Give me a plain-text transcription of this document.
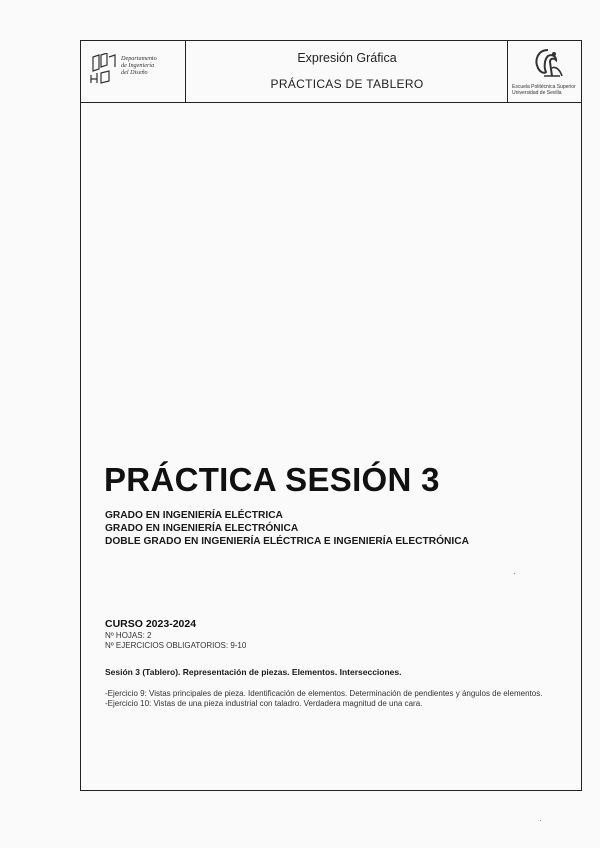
Departamento
de Ingeniería
del Diseño
Expresión Gráfica
PRÁCTICAS DE TABLERO	Escuela Politécnica Superior
Universidad de Sevilla
PRÁCTICA SESIÓN 3
GRADO EN INGENIERÍA ELÉCTRICA
GRADO EN INGENIERÍA ELECTRÓNICA
DOBLE GRADO EN INGENIERÍA ELÉCTRICA E INGENIERÍA ELECTRÓNICA
CURSO 2023-2024
Nº HOJAS: 2
Nº EJERCICIOS OBLIGATORIOS: 9-10
Sesión 3 (Tablero). Representación de piezas. Elementos. Intersecciones.

-Ejercicio 9: Vistas principales de pieza. Identificación de elementos. Determinación de pendientes y ángulos de elementos.

-Ejercicio 10: Vistas de una pieza industrial con taladro. Verdadera magnitud de una cara.
